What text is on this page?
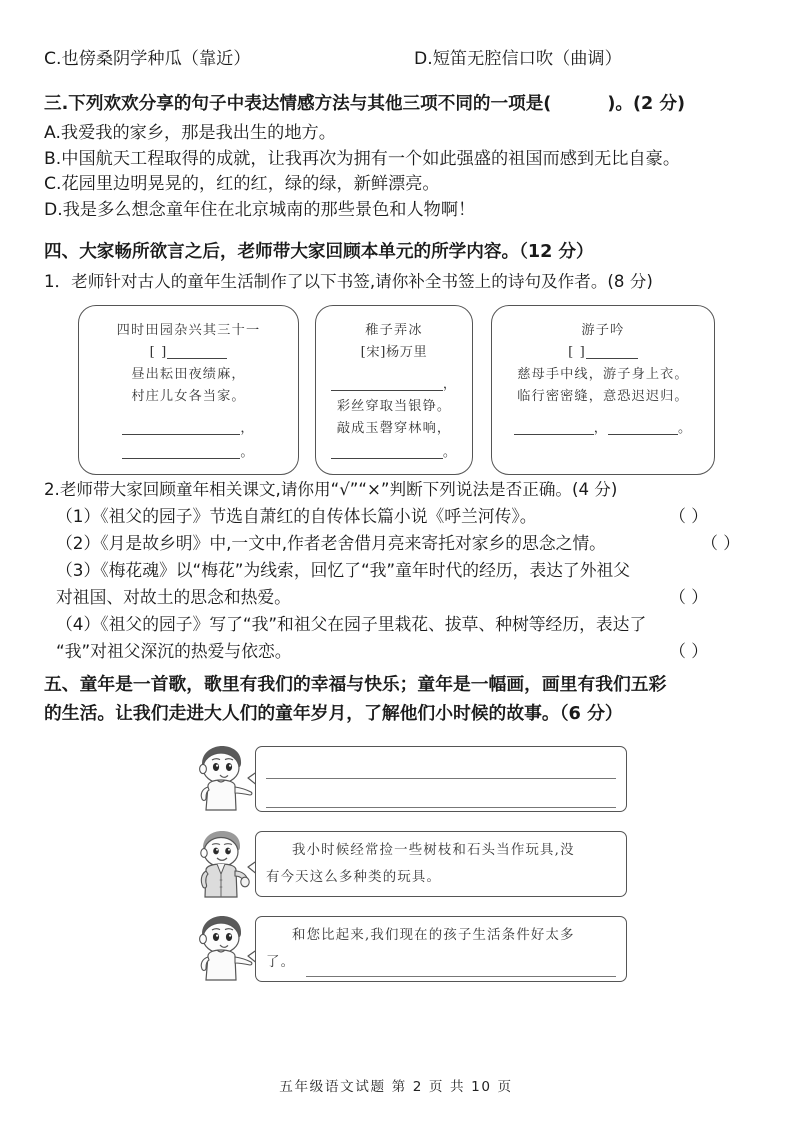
C.也傍桑阴学种瓜（靠近）	D.短笛无腔信口吹（曲调）
三.下列欢欢分享的句子中表达情感方法与其他三项不同的一项是(	)。(2 分)
A.我爱我的家乡，那是我出生的地方。
B.中国航天工程取得的成就，让我再次为拥有一个如此强盛的祖国而感到无比自豪。
C.花园里边明晃晃的，红的红，绿的绿，新鲜漂亮。
D.我是多么想念童年住在北京城南的那些景色和人物啊！
四、大家畅所欲言之后，老师带大家回顾本单元的所学内容。（12 分）
1．老师针对古人的童年生活制作了以下书签,请你补全书签上的诗句及作者。(8 分)
四时田园杂兴其三十一
[ ]
昼出耘田夜绩麻，
村庄儿女各当家。
，
。
稚子弄冰
[宋]杨万里
，
彩丝穿取当银铮。
敲成玉磬穿林响，
。
游子吟
[ ]
慈母手中线，游子身上衣。
临行密密缝，意恐迟迟归。
，	。
2.老师带大家回顾童年相关课文,请你用“√”“×”判断下列说法是否正确。(4 分)
（1）《祖父的园子》节选自萧红的自传体长篇小说《呼兰河传》。	（ ）
（2）《月是故乡明》中,一文中,作者老舍借月亮来寄托对家乡的思念之情。	（ ）
（3）《梅花魂》以“梅花”为线索，回忆了“我”童年时代的经历，表达了外祖父
对祖国、对故土的思念和热爱。	（ ）
（4）《祖父的园子》写了“我”和祖父在园子里栽花、拔草、种树等经历，表达了
“我”对祖父深沉的热爱与依恋。	（ ）
五、童年是一首歌，歌里有我们的幸福与快乐；童年是一幅画，画里有我们五彩
的生活。让我们走进大人们的童年岁月，了解他们小时候的故事。（6 分）
我小时候经常捡一些树枝和石头当作玩具,没
有今天这么多种类的玩具。
和您比起来,我们现在的孩子生活条件好太多
了。
五年级语文试题 第 2 页 共 10 页
